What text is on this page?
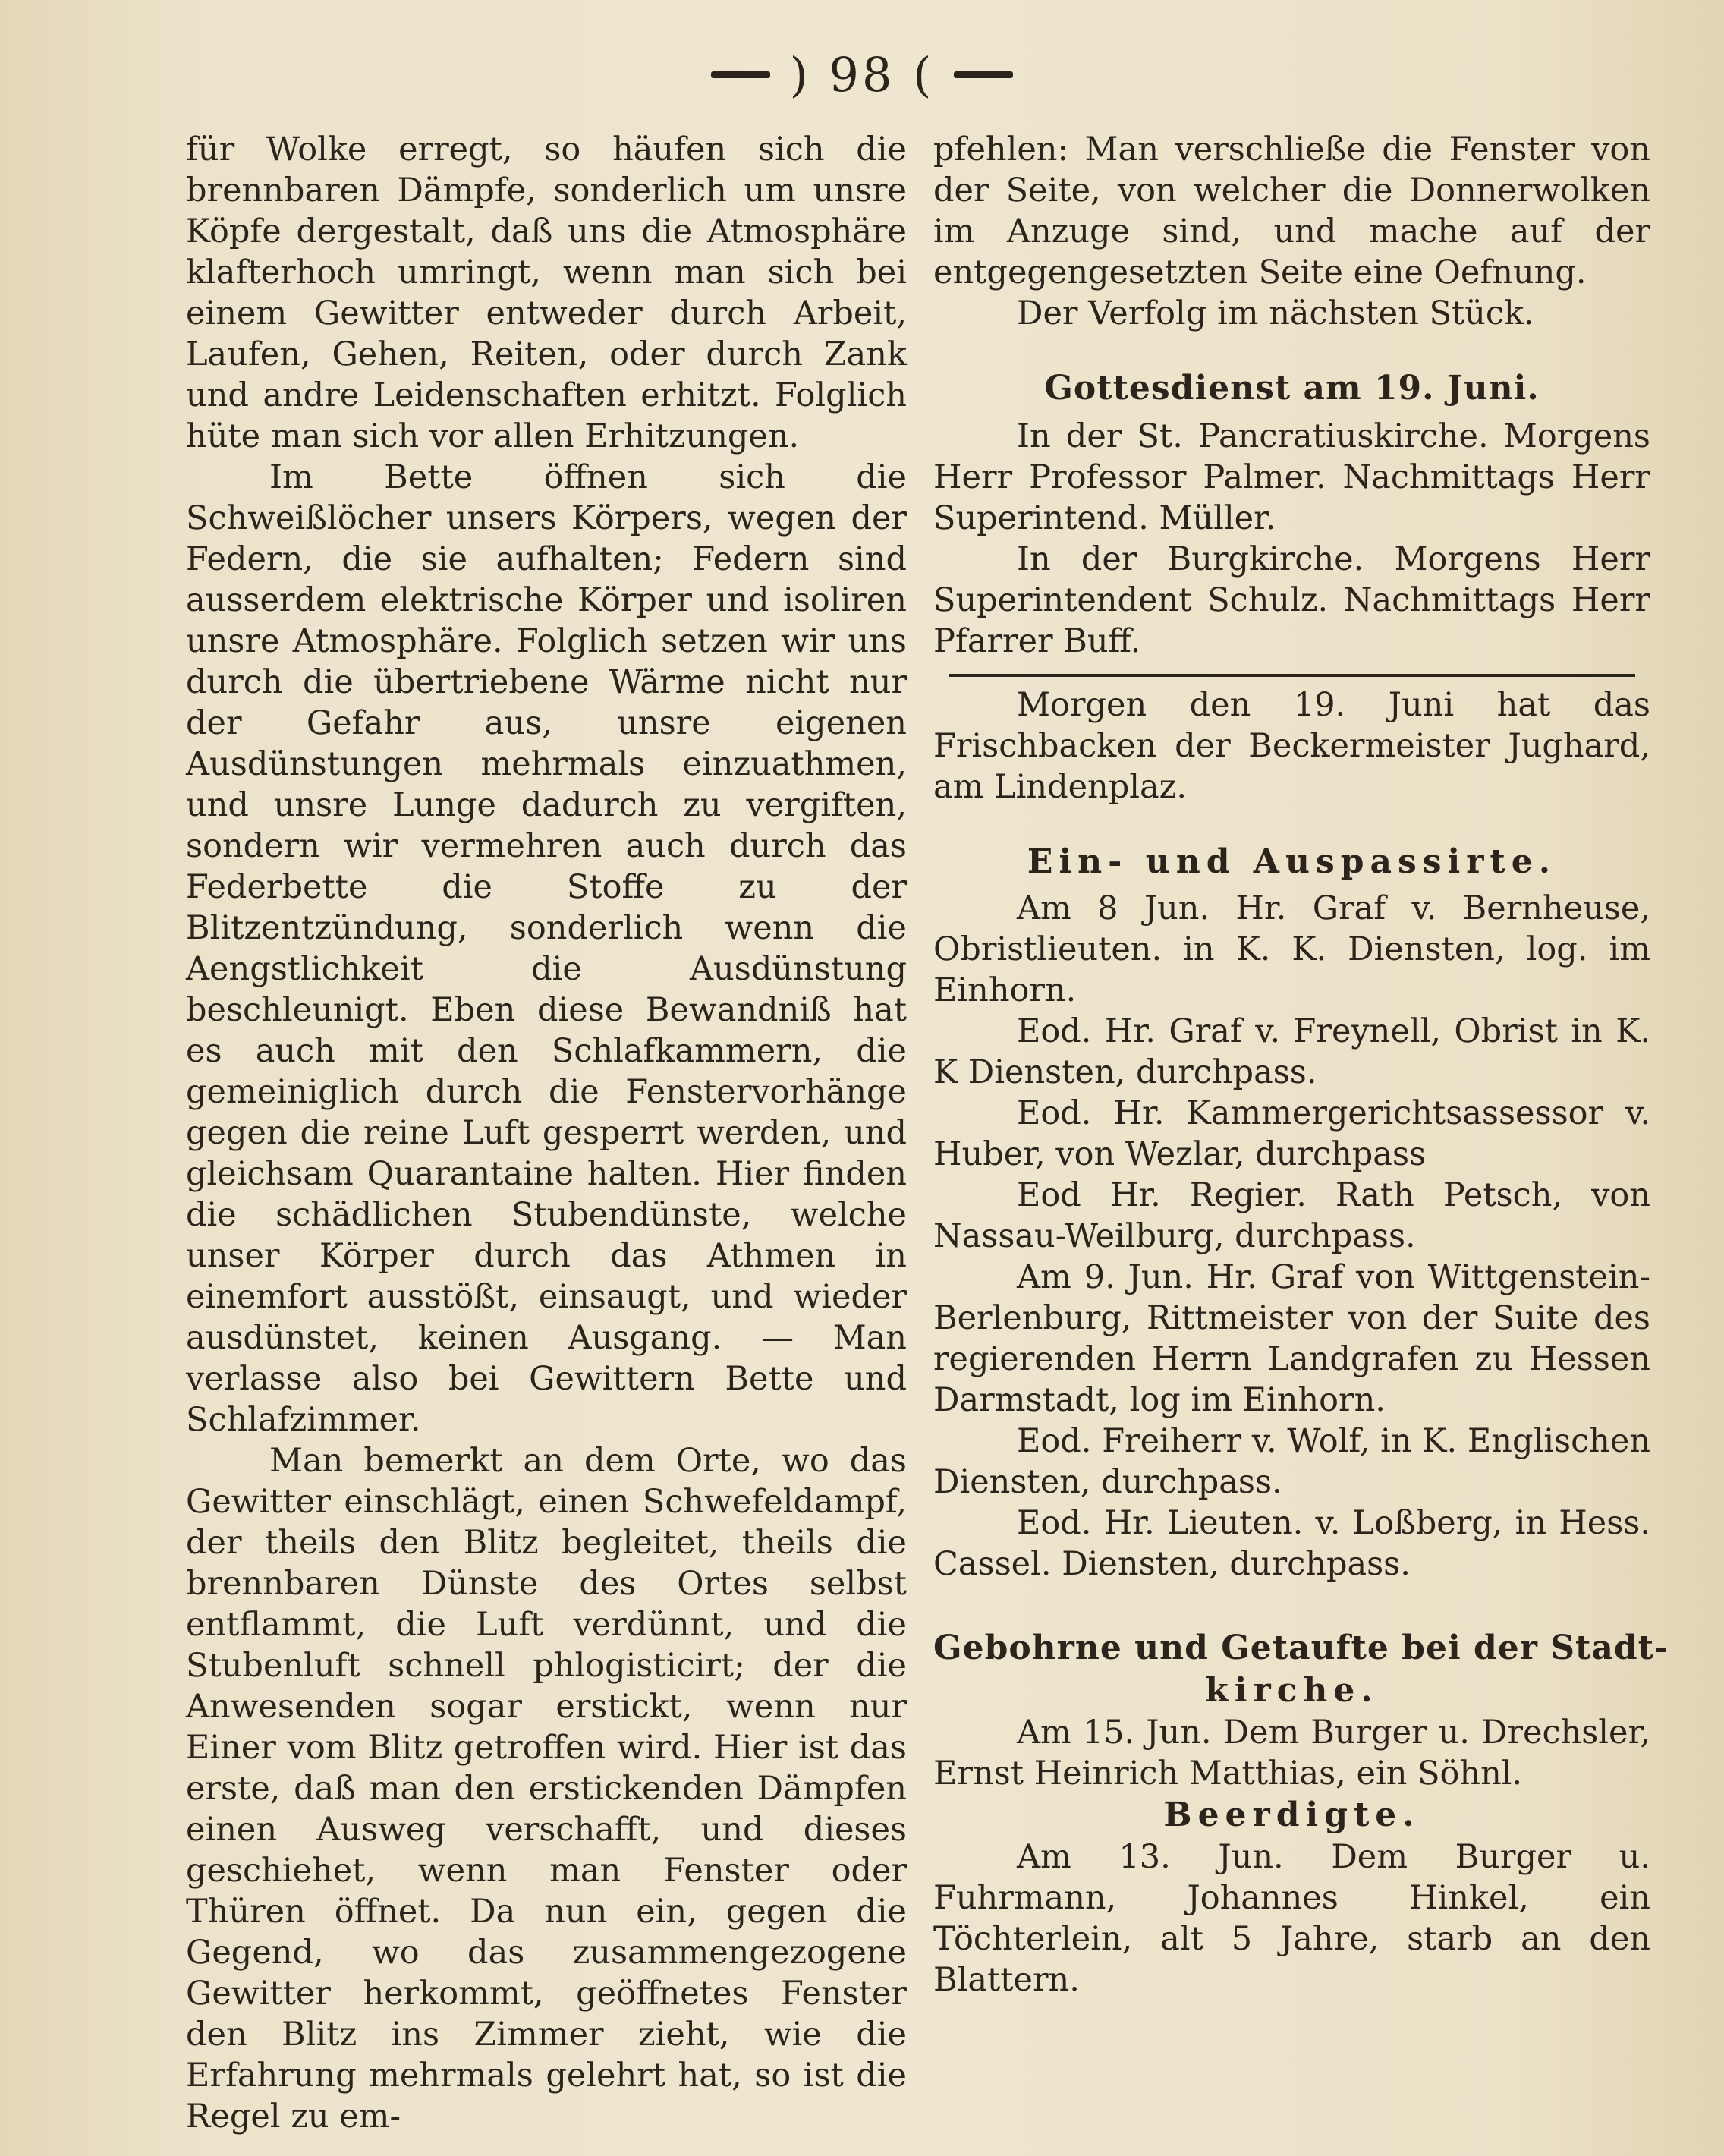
) 98 (

für Wolke erregt, so häufen sich die brennbaren Dämpfe, sonderlich um unsre Köpfe dergestalt, daß uns die Atmosphäre klafterhoch umringt, wenn man sich bei einem Gewitter entweder durch Arbeit, Laufen, Gehen, Reiten, oder durch Zank und andre Leidenschaften erhitzt. Folglich hüte man sich vor allen Erhitzungen.

Im Bette öffnen sich die Schweißlöcher unsers Körpers, wegen der Federn, die sie aufhalten; Federn sind ausserdem elektrische Körper und isoliren unsre Atmosphäre. Folglich setzen wir uns durch die übertriebene Wärme nicht nur der Gefahr aus, unsre eigenen Ausdünstungen mehrmals einzuathmen, und unsre Lunge dadurch zu vergiften, sondern wir vermehren auch durch das Federbette die Stoffe zu der Blitzentzündung, sonderlich wenn die Aengstlichkeit die Ausdünstung beschleunigt. Eben diese Bewandniß hat es auch mit den Schlafkammern, die gemeiniglich durch die Fenstervorhänge gegen die reine Luft gesperrt werden, und gleichsam Quarantaine halten. Hier finden die schädlichen Stubendünste, welche unser Körper durch das Athmen in einemfort ausstößt, einsaugt, und wieder ausdünstet, keinen Ausgang. — Man verlasse also bei Gewittern Bette und Schlafzimmer.

Man bemerkt an dem Orte, wo das Gewitter einschlägt, einen Schwefeldampf, der theils den Blitz begleitet, theils die brennbaren Dünste des Ortes selbst entflammt, die Luft verdünnt, und die Stubenluft schnell phlogisticirt; der die Anwesenden sogar erstickt, wenn nur Einer vom Blitz getroffen wird. Hier ist das erste, daß man den erstickenden Dämpfen einen Ausweg verschafft, und dieses geschiehet, wenn man Fenster oder Thüren öffnet. Da nun ein, gegen die Gegend, wo das zusammengezogene Gewitter herkommt, geöffnetes Fenster den Blitz ins Zimmer zieht, wie die Erfahrung mehrmals gelehrt hat, so ist die Regel zu em-

pfehlen: Man verschließe die Fenster von der Seite, von welcher die Donnerwolken im Anzuge sind, und mache auf der entgegengesetzten Seite eine Oefnung.

Der Verfolg im nächsten Stück.

Gottesdienst am 19. Juni.

In der St. Pancratiuskirche. Morgens Herr Professor Palmer. Nachmittags Herr Superintend. Müller.

In der Burgkirche. Morgens Herr Superintendent Schulz. Nachmittags Herr Pfarrer Buff.

Morgen den 19. Juni hat das Frischbacken der Beckermeister Jughard, am Lindenplaz.

Ein- und Auspassirte.

Am 8 Jun. Hr. Graf v. Bernheuse, Obristlieuten. in K. K. Diensten, log. im Einhorn.

Eod. Hr. Graf v. Freynell, Obrist in K. K Diensten, durchpass.

Eod. Hr. Kammergerichtsassessor v. Huber, von Wezlar, durchpass

Eod Hr. Regier. Rath Petsch, von Nassau-Weilburg, durchpass.

Am 9. Jun. Hr. Graf von Wittgenstein-Berlenburg, Rittmeister von der Suite des regierenden Herrn Landgrafen zu Hessen Darmstadt, log im Einhorn.

Eod. Freiherr v. Wolf, in K. Englischen Diensten, durchpass.

Eod. Hr. Lieuten. v. Loßberg, in Hess. Cassel. Diensten, durchpass.

Gebohrne und Getaufte bei der Stadt-
kirche.

Am 15. Jun. Dem Burger u. Drechsler, Ernst Heinrich Matthias, ein Söhnl.

Beerdigte.

Am 13. Jun. Dem Burger u. Fuhrmann, Johannes Hinkel, ein Töchterlein, alt 5 Jahre, starb an den Blattern.
